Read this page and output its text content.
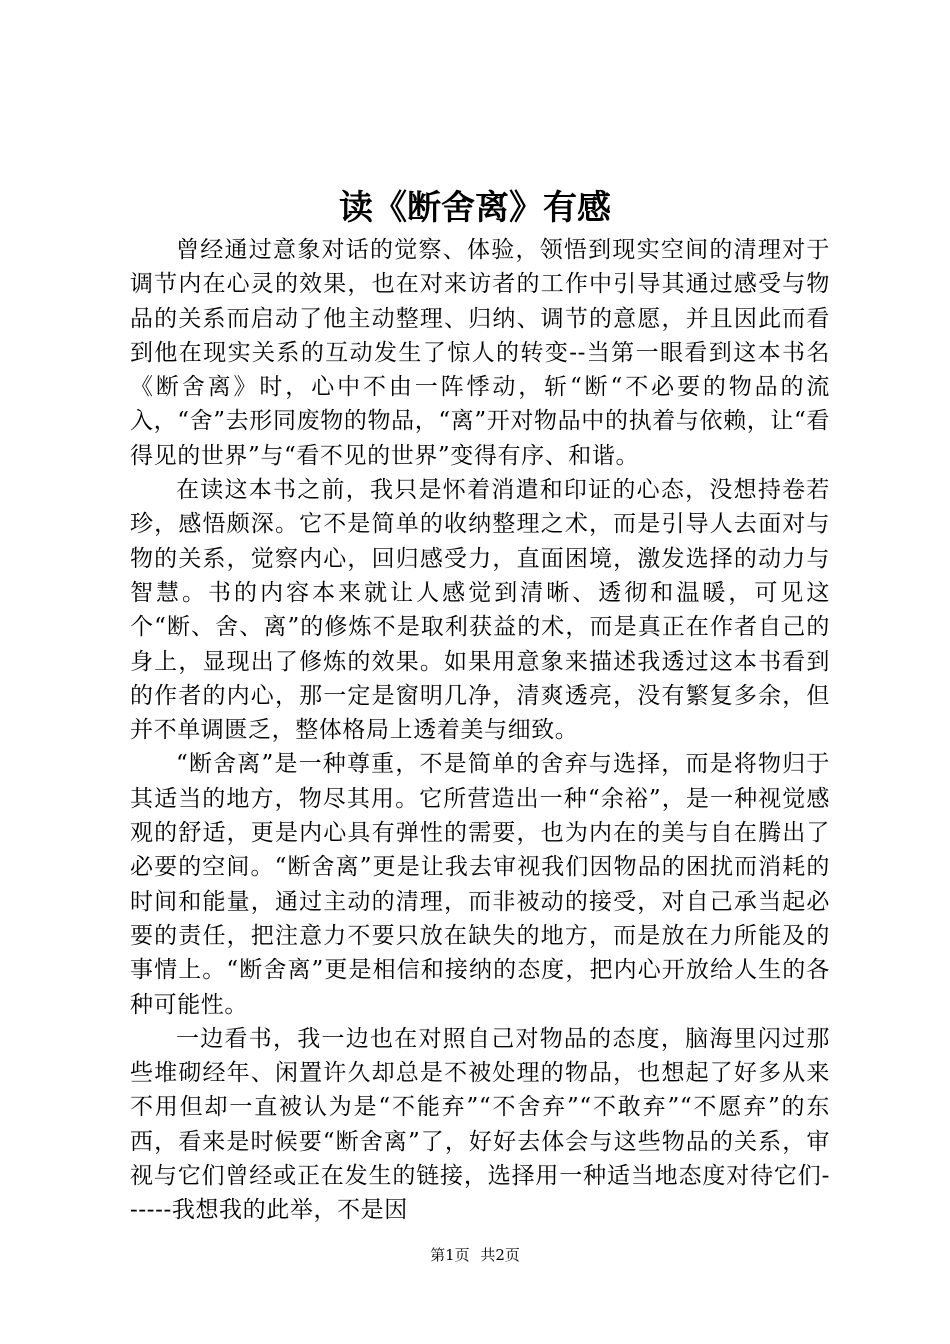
读《断舍离》有感

曾经通过意象对话的觉察、体验，领悟到现实空间的清理对于调节内在心灵的效果，也在对来访者的工作中引导其通过感受与物品的关系而启动了他主动整理、归纳、调节的意愿，并且因此而看到他在现实关系的互动发生了惊人的转变--当第一眼看到这本书名《断舍离》时，心中不由一阵悸动，斩“断“不必要的物品的流入，“舍”去形同废物的物品，“离”开对物品中的执着与依赖，让“看得见的世界”与“看不见的世界”变得有序、和谐。

在读这本书之前，我只是怀着消遣和印证的心态，没想持卷若珍，感悟颇深。它不是简单的收纳整理之术，而是引导人去面对与物的关系，觉察内心，回归感受力，直面困境，激发选择的动力与智慧。书的内容本来就让人感觉到清晰、透彻和温暖，可见这个“断、舍、离”的修炼不是取利获益的术，而是真正在作者自己的身上，显现出了修炼的效果。如果用意象来描述我透过这本书看到的作者的内心，那一定是窗明几净，清爽透亮，没有繁复多余，但并不单调匮乏，整体格局上透着美与细致。

“断舍离”是一种尊重，不是简单的舍弃与选择，而是将物归于其适当的地方，物尽其用。它所营造出一种“余裕”，是一种视觉感观的舒适，更是内心具有弹性的需要，也为内在的美与自在腾出了必要的空间。“断舍离”更是让我去审视我们因物品的困扰而消耗的时间和能量，通过主动的清理，而非被动的接受，对自己承当起必要的责任，把注意力不要只放在缺失的地方，而是放在力所能及的事情上。“断舍离”更是相信和接纳的态度，把内心开放给人生的各种可能性。

一边看书，我一边也在对照自己对物品的态度，脑海里闪过那些堆砌经年、闲置许久却总是不被处理的物品，也想起了好多从来不用但却一直被认为是“不能弃”“不舍弃”“不敢弃”“不愿弃”的东西，看来是时候要“断舍离”了，好好去体会与这些物品的关系，审视与它们曾经或正在发生的链接，选择用一种适当地态度对待它们------我想我的此举，不是因

第1页 共2页
